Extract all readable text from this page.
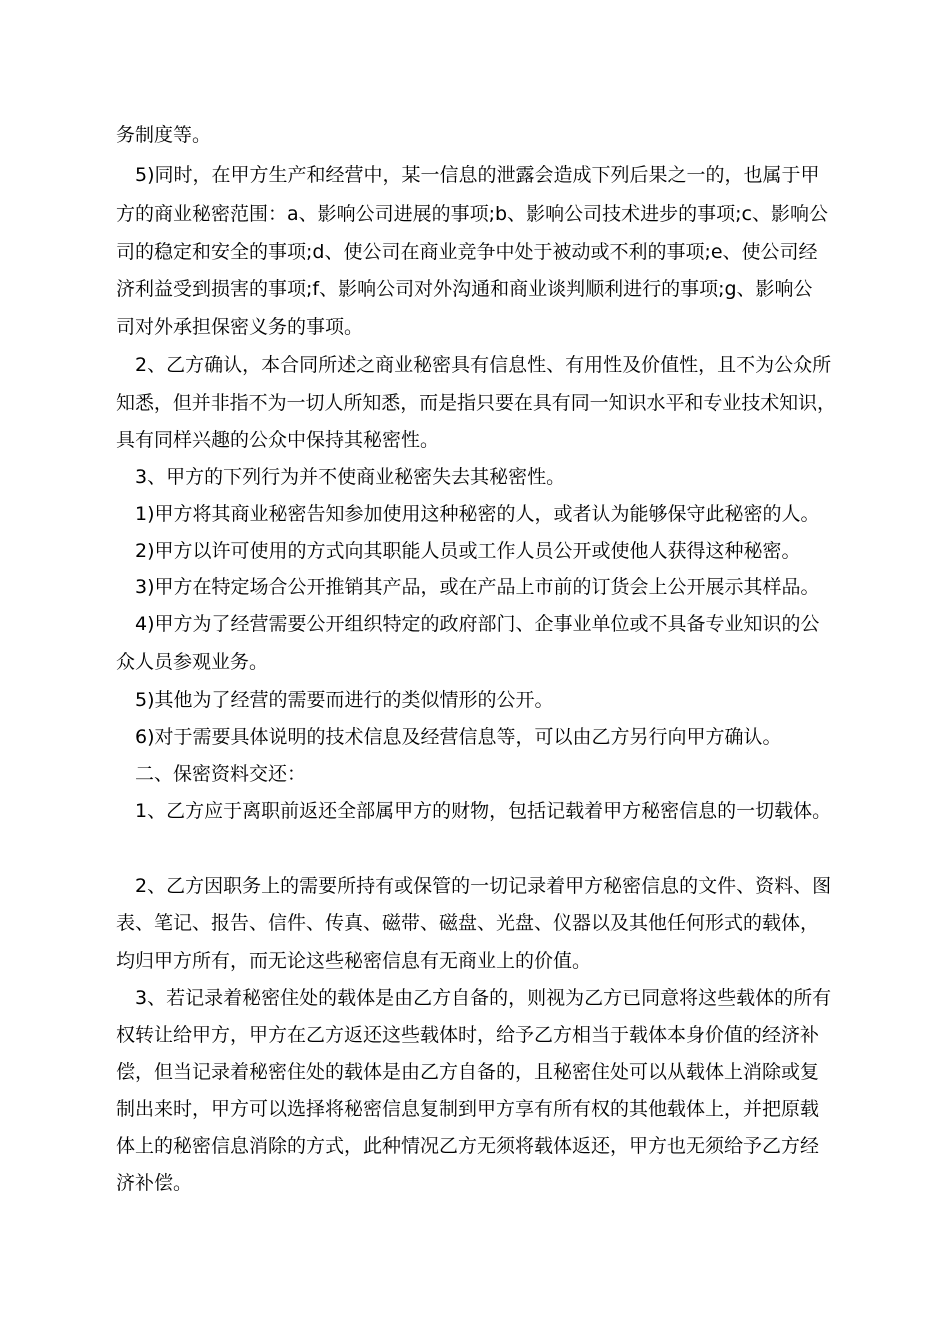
务制度等。
5)同时，在甲方生产和经营中，某一信息的泄露会造成下列后果之一的，也属于甲
方的商业秘密范围：a、影响公司进展的事项;b、影响公司技术进步的事项;c、影响公
司的稳定和安全的事项;d、使公司在商业竞争中处于被动或不利的事项;e、使公司经
济利益受到损害的事项;f、影响公司对外沟通和商业谈判顺利进行的事项;g、影响公
司对外承担保密义务的事项。
2、乙方确认，本合同所述之商业秘密具有信息性、有用性及价值性，且不为公众所
知悉，但并非指不为一切人所知悉，而是指只要在具有同一知识水平和专业技术知识，
具有同样兴趣的公众中保持其秘密性。
3、甲方的下列行为并不使商业秘密失去其秘密性。
1)甲方将其商业秘密告知参加使用这种秘密的人，或者认为能够保守此秘密的人。
2)甲方以许可使用的方式向其职能人员或工作人员公开或使他人获得这种秘密。
3)甲方在特定场合公开推销其产品，或在产品上市前的订货会上公开展示其样品。
4)甲方为了经营需要公开组织特定的政府部门、企事业单位或不具备专业知识的公
众人员参观业务。
5)其他为了经营的需要而进行的类似情形的公开。
6)对于需要具体说明的技术信息及经营信息等，可以由乙方另行向甲方确认。
二、保密资料交还：
1、乙方应于离职前返还全部属甲方的财物，包括记载着甲方秘密信息的一切载体。
2、乙方因职务上的需要所持有或保管的一切记录着甲方秘密信息的文件、资料、图
表、笔记、报告、信件、传真、磁带、磁盘、光盘、仪器以及其他任何形式的载体，
均归甲方所有，而无论这些秘密信息有无商业上的价值。
3、若记录着秘密住处的载体是由乙方自备的，则视为乙方已同意将这些载体的所有
权转让给甲方，甲方在乙方返还这些载体时，给予乙方相当于载体本身价值的经济补
偿，但当记录着秘密住处的载体是由乙方自备的，且秘密住处可以从载体上消除或复
制出来时，甲方可以选择将秘密信息复制到甲方享有所有权的其他载体上，并把原载
体上的秘密信息消除的方式，此种情况乙方无须将载体返还，甲方也无须给予乙方经
济补偿。
